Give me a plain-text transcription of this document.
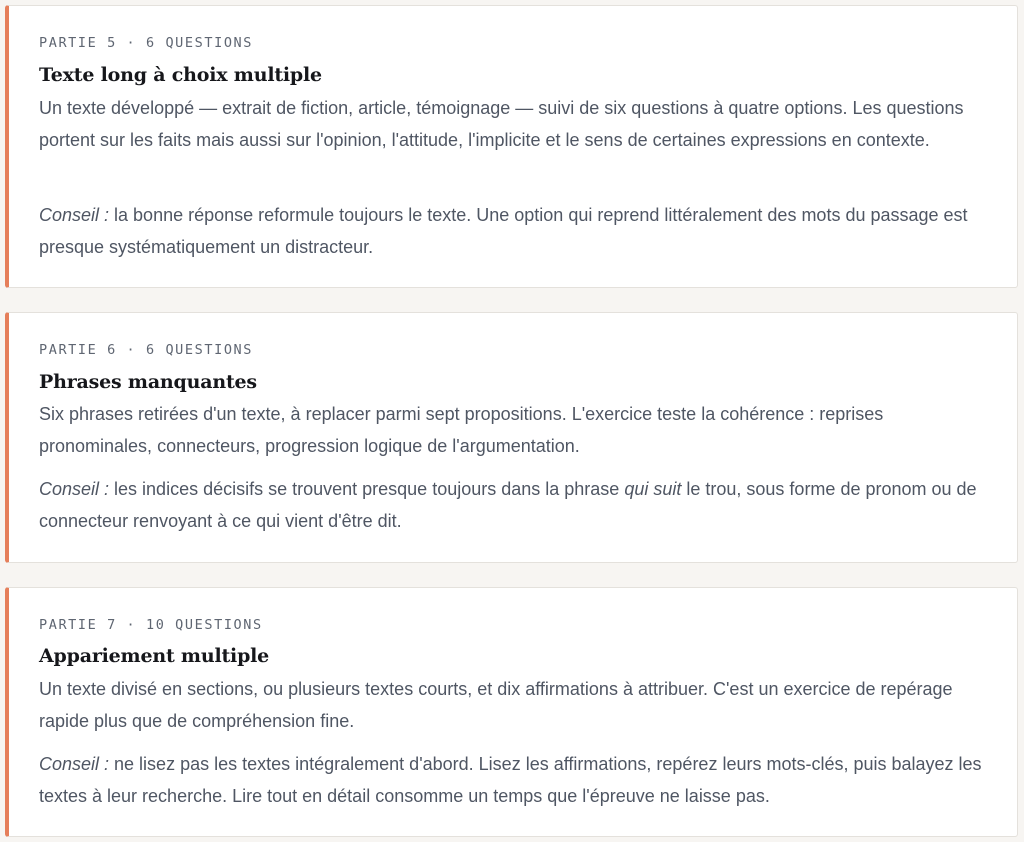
PARTIE 5 · 6 QUESTIONS
Texte long à choix multiple
Un texte développé — extrait de fiction, article, témoignage — suivi de six questions à quatre options. Les questions portent sur les faits mais aussi sur l'opinion, l'attitude, l'implicite et le sens de certaines expressions en contexte.
Conseil : la bonne réponse reformule toujours le texte. Une option qui reprend littéralement des mots du passage est presque systématiquement un distracteur.
PARTIE 6 · 6 QUESTIONS
Phrases manquantes
Six phrases retirées d'un texte, à replacer parmi sept propositions. L'exercice teste la cohérence : reprises pronominales, connecteurs, progression logique de l'argumentation.
Conseil : les indices décisifs se trouvent presque toujours dans la phrase qui suit le trou, sous forme de pronom ou de connecteur renvoyant à ce qui vient d'être dit.
PARTIE 7 · 10 QUESTIONS
Appariement multiple
Un texte divisé en sections, ou plusieurs textes courts, et dix affirmations à attribuer. C'est un exercice de repérage rapide plus que de compréhension fine.
Conseil : ne lisez pas les textes intégralement d'abord. Lisez les affirmations, repérez leurs mots-clés, puis balayez les textes à leur recherche. Lire tout en détail consomme un temps que l'épreuve ne laisse pas.
